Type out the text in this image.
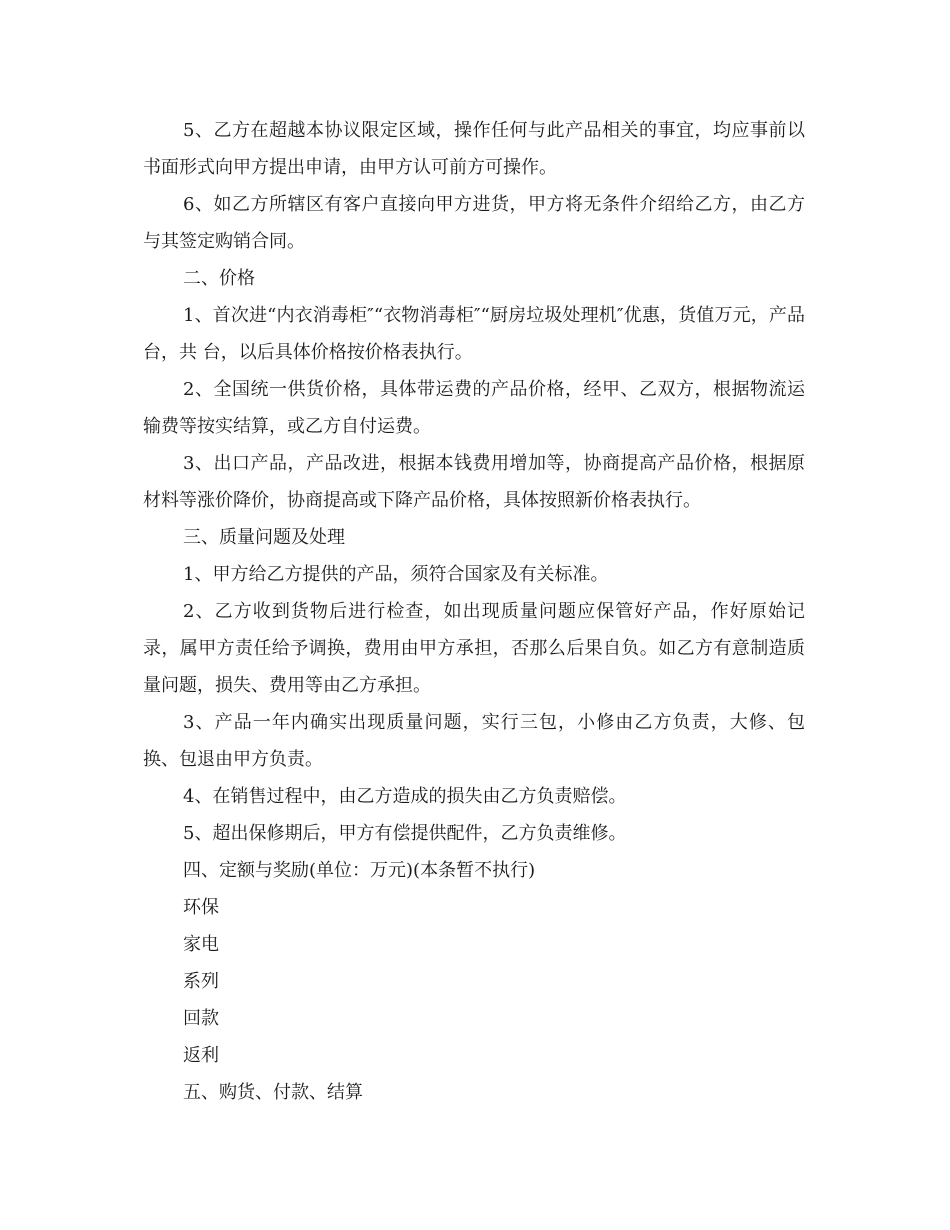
5、乙方在超越本协议限定区域，操作任何与此产品相关的事宜，均应事前以书面形式向甲方提出申请，由甲方认可前方可操作。

6、如乙方所辖区有客户直接向甲方进货，甲方将无条件介绍给乙方，由乙方与其签定购销合同。

二、价格

1、首次进“内衣消毒柜″“衣物消毒柜″“厨房垃圾处理机″优惠，货值万元，产品 台，共 台，以后具体价格按价格表执行。

2、全国统一供货价格，具体带运费的产品价格，经甲、乙双方，根据物流运输费等按实结算，或乙方自付运费。

3、出口产品，产品改进，根据本钱费用增加等，协商提高产品价格，根据原材料等涨价降价，协商提高或下降产品价格，具体按照新价格表执行。

三、质量问题及处理

1、甲方给乙方提供的产品，须符合国家及有关标准。

2、乙方收到货物后进行检查，如出现质量问题应保管好产品，作好原始记录，属甲方责任给予调换，费用由甲方承担，否那么后果自负。如乙方有意制造质量问题，损失、费用等由乙方承担。

3、产品一年内确实出现质量问题，实行三包，小修由乙方负责，大修、包换、包退由甲方负责。

4、在销售过程中，由乙方造成的损失由乙方负责赔偿。

5、超出保修期后，甲方有偿提供配件，乙方负责维修。

四、定额与奖励(单位：万元)(本条暂不执行)

环保

家电

系列

回款

返利

五、购货、付款、结算
